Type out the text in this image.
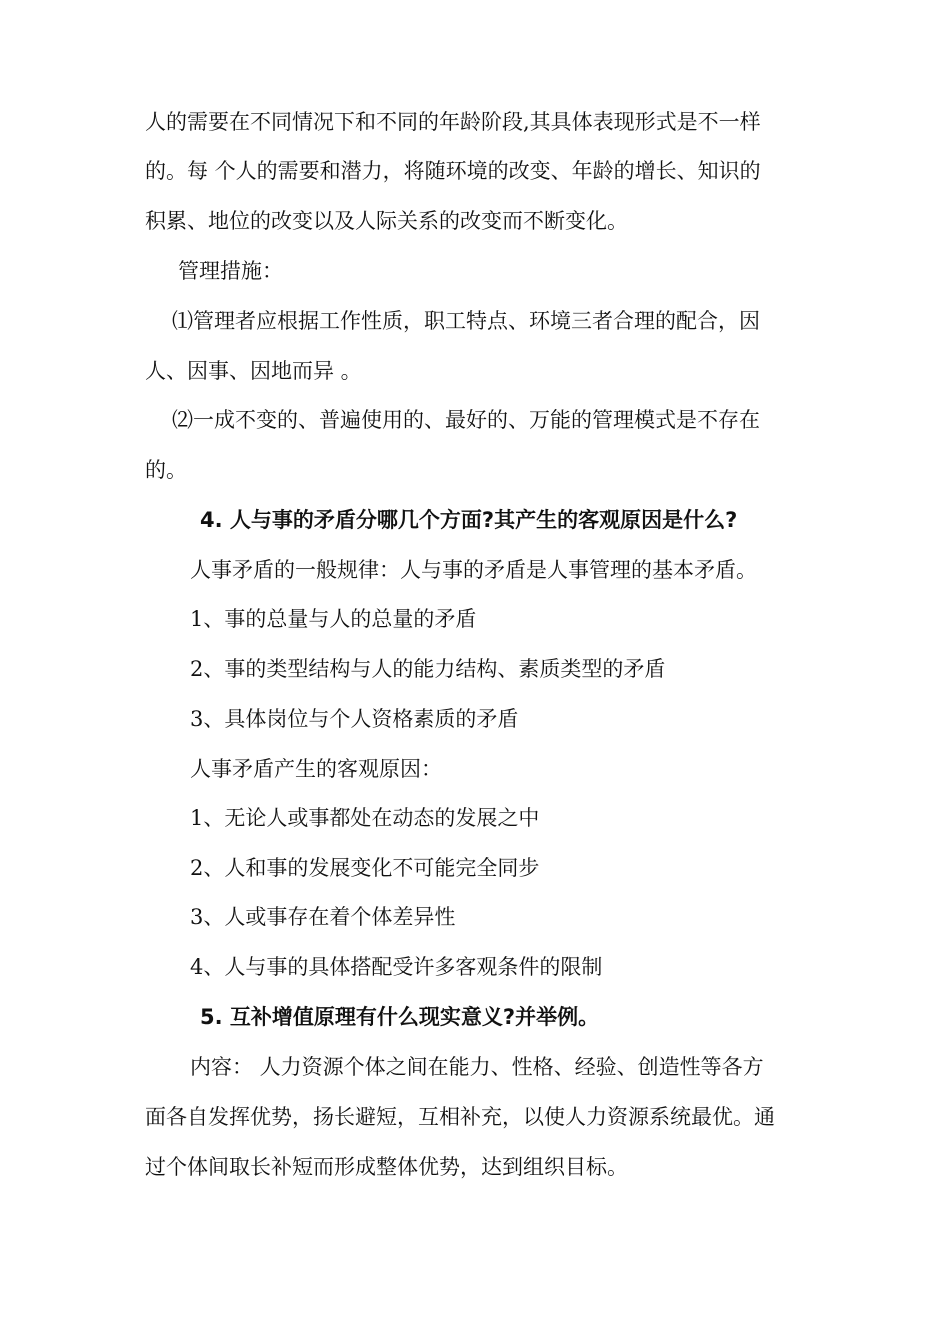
人的需要在不同情况下和不同的年龄阶段,其具体表现形式是不一样
的。每 个人的需要和潜力，将随环境的改变、年龄的增长、知识的
积累、地位的改变以及人际关系的改变而不断变化。
管理措施：
⑴管理者应根据工作性质，职工特点、环境三者合理的配合，因
人、因事、因地而异 。
⑵一成不变的、普遍使用的、最好的、万能的管理模式是不存在
的。
4. 人与事的矛盾分哪几个方面?其产生的客观原因是什么?
人事矛盾的一般规律：人与事的矛盾是人事管理的基本矛盾。
1、事的总量与人的总量的矛盾
2、事的类型结构与人的能力结构、素质类型的矛盾
3、具体岗位与个人资格素质的矛盾
人事矛盾产生的客观原因：
1、无论人或事都处在动态的发展之中
2、人和事的发展变化不可能完全同步
3、人或事存在着个体差异性
4、人与事的具体搭配受许多客观条件的限制
5. 互补增值原理有什么现实意义?并举例。
内容： 人力资源个体之间在能力、性格、经验、创造性等各方
面各自发挥优势，扬长避短，互相补充，以使人力资源系统最优。通
过个体间取长补短而形成整体优势，达到组织目标。
